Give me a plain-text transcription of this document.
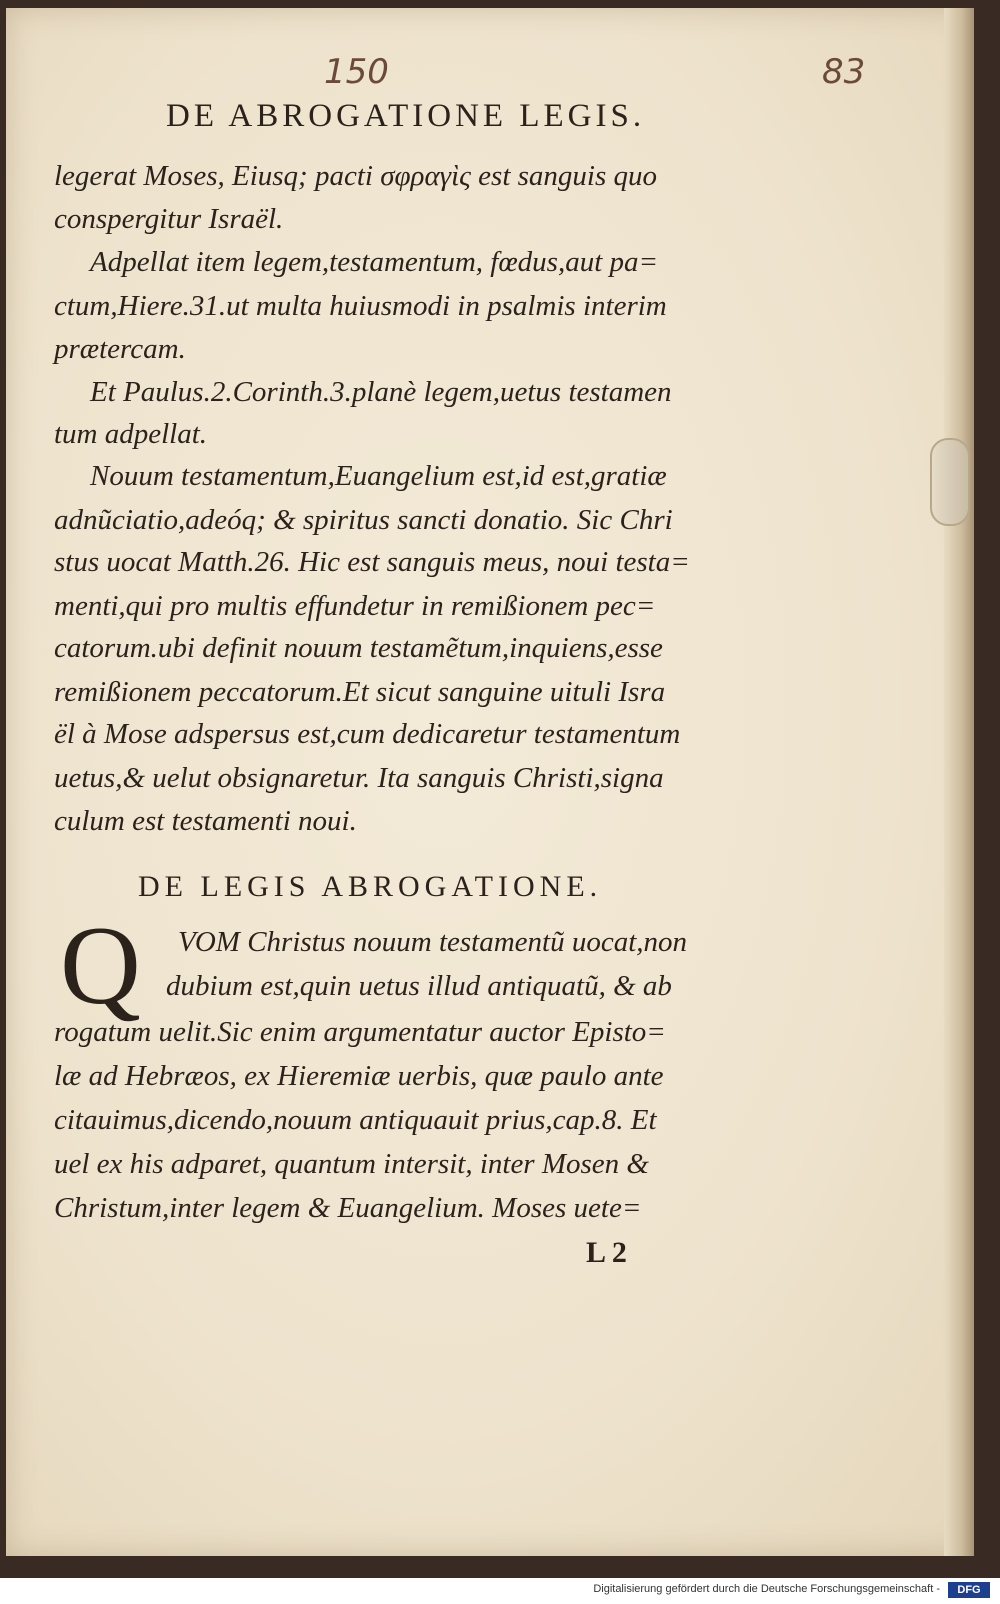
150	83
DE ABROGATIONE LEGIS.
legerat Moses, Eiusq; pacti σφραγὶς est sanguis quo
conspergitur Israël.
Adpellat item legem,testamentum, fœdus,aut pa=
ctum,Hiere.31.ut multa huiusmodi in psalmis interim
prætercam.
Et Paulus.2.Corinth.3.planè legem,uetus testamen
tum adpellat.
Nouum testamentum,Euangelium est,id est,gratiæ
adnũciatio,adeóq; & spiritus sancti donatio. Sic Chri
stus uocat Matth.26. Hic est sanguis meus, noui testa=
menti,qui pro multis effundetur in remißionem pec=
catorum.ubi definit nouum testamẽtum,inquiens,esse
remißionem peccatorum.Et sicut sanguine uituli Isra
ël à Mose adspersus est,cum dedicaretur testamentum
uetus,& uelut obsignaretur. Ita sanguis Christi,signa
culum est testamenti noui.
DE LEGIS ABROGATIONE.
Q	VOM Christus nouum testamentũ uocat,non
dubium est,quin uetus illud antiquatũ, & ab
rogatum uelit.Sic enim argumentatur auctor Episto=
læ ad Hebræos, ex Hieremiæ uerbis, quæ paulo ante
citauimus,dicendo,nouum antiquauit prius,cap.8. Et
uel ex his adparet, quantum intersit, inter Mosen &
Christum,inter legem & Euangelium. Moses uete=
L 2
Digitalisierung gefördert durch die Deutsche Forschungsgemeinschaft -	DFG
